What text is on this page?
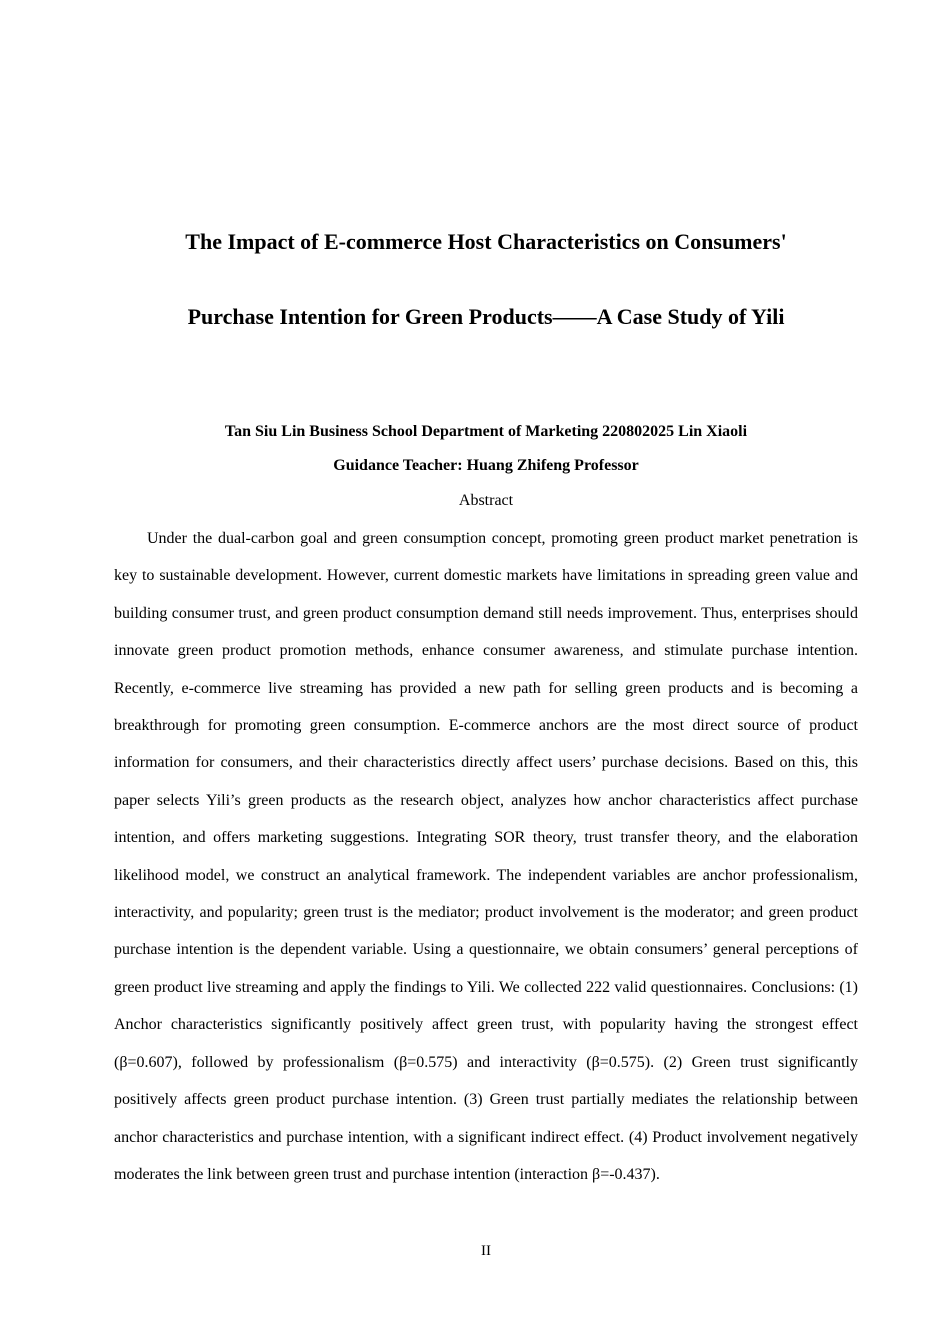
The Impact of E-commerce Host Characteristics on Consumers'
Purchase Intention for Green Products——A Case Study of Yili

Tan Siu Lin Business School Department of Marketing 220802025 Lin Xiaoli

Guidance Teacher: Huang Zhifeng Professor

Abstract

Under the dual-carbon goal and green consumption concept, promoting green product market penetration is key to sustainable development. However, current domestic markets have limitations in spreading green value and building consumer trust, and green product consumption demand still needs improvement. Thus, enterprises should innovate green product promotion methods, enhance consumer awareness, and stimulate purchase intention. Recently, e-commerce live streaming has provided a new path for selling green products and is becoming a breakthrough for promoting green consumption. E-commerce anchors are the most direct source of product information for consumers, and their characteristics directly affect users’ purchase decisions. Based on this, this paper selects Yili’s green products as the research object, analyzes how anchor characteristics affect purchase intention, and offers marketing suggestions. Integrating SOR theory, trust transfer theory, and the elaboration likelihood model, we construct an analytical framework. The independent variables are anchor professionalism, interactivity, and popularity; green trust is the mediator; product involvement is the moderator; and green product purchase intention is the dependent variable. Using a questionnaire, we obtain consumers’ general perceptions of green product live streaming and apply the findings to Yili. We collected 222 valid questionnaires. Conclusions: (1) Anchor characteristics significantly positively affect green trust, with popularity having the strongest effect (β=0.607), followed by professionalism (β=0.575) and interactivity (β=0.575). (2) Green trust significantly positively affects green product purchase intention. (3) Green trust partially mediates the relationship between anchor characteristics and purchase intention, with a significant indirect effect. (4) Product involvement negatively moderates the link between green trust and purchase intention (interaction β=-0.437).

II
